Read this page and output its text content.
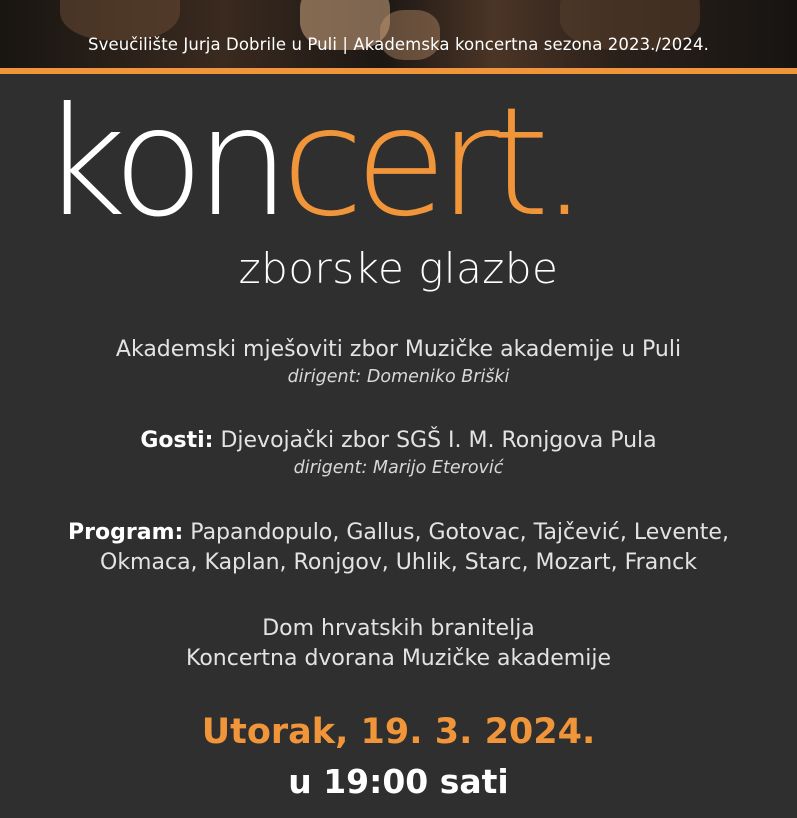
Sveučilište Jurja Dobrile u Puli | Akademska koncertna sezona 2023./2024.
koncert.
zborske glazbe
Akademski mješoviti zbor Muzičke akademije u Puli
dirigent: Domeniko Briški
Gosti: Djevojački zbor SGŠ I. M. Ronjgova Pula
dirigent: Marijo Eterović
Program: Papandopulo, Gallus, Gotovac, Tajčević, Levente,
Okmaca, Kaplan, Ronjgov, Uhlik, Starc, Mozart, Franck
Dom hrvatskih branitelja
Koncertna dvorana Muzičke akademije
Utorak, 19. 3. 2024.
u 19:00 sati
